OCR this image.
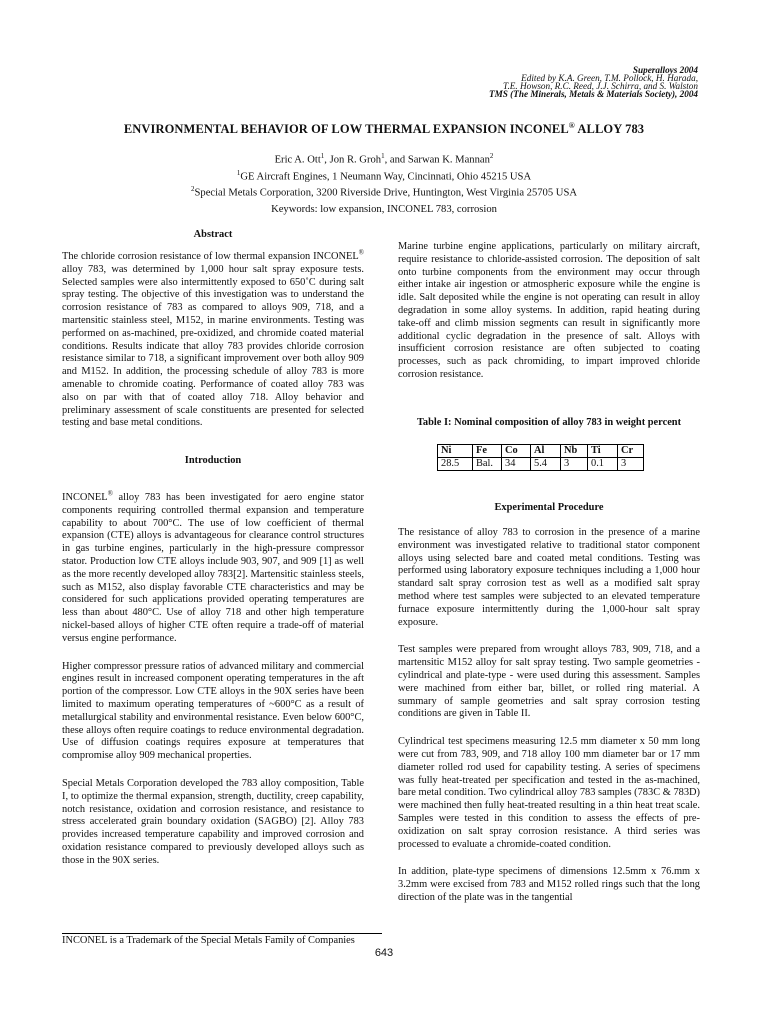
Superalloys 2004
Edited by K.A. Green, T.M. Pollock, H. Harada,
T.E. Howson, R.C. Reed, J.J. Schirra, and S. Walston
TMS (The Minerals, Metals & Materials Society), 2004
ENVIRONMENTAL BEHAVIOR OF LOW THERMAL EXPANSION INCONEL® ALLOY 783
Eric A. Ott$^1$, Jon R. Groh$^1$, and Sarwan K. Mannan$^2$
$^1$GE Aircraft Engines, 1 Neumann Way, Cincinnati, Ohio 45215 USA
$^2$Special Metals Corporation, 3200 Riverside Drive, Huntington, West Virginia 25705 USA
Keywords: low expansion, INCONEL 783, corrosion
Abstract

The chloride corrosion resistance of low thermal expansion INCONEL® alloy 783, was determined by 1,000 hour salt spray exposure tests. Selected samples were also intermittently exposed to 650˚C during salt spray testing. The objective of this investigation was to understand the corrosion resistance of 783 as compared to alloys 909, 718, and a martensitic stainless steel, M152, in marine environments. Testing was performed on as-machined, pre-oxidized, and chromide coated material conditions. Results indicate that alloy 783 provides chloride corrosion resistance similar to 718, a significant improvement over both alloy 909 and M152. In addition, the processing schedule of alloy 783 is more amenable to chromide coating. Performance of coated alloy 783 was also on par with that of coated alloy 718. Alloy behavior and preliminary assessment of scale constituents are presented for selected testing and base metal conditions.

Introduction

INCONEL® alloy 783 has been investigated for aero engine stator components requiring controlled thermal expansion and temperature capability to about 700°C. The use of low coefficient of thermal expansion (CTE) alloys is advantageous for clearance control structures in gas turbine engines, particularly in the high-pressure compressor stator. Production low CTE alloys include 903, 907, and 909 [1] as well as the more recently developed alloy 783[2]. Martensitic stainless steels, such as M152, also display favorable CTE characteristics and may be considered for such applications provided operating temperatures are less than about 480°C. Use of alloy 718 and other high temperature nickel-based alloys of higher CTE often require a trade-off of material versus engine performance.

Higher compressor pressure ratios of advanced military and commercial engines result in increased component operating temperatures in the aft portion of the compressor. Low CTE alloys in the 90X series have been limited to maximum operating temperatures of ~600°C as a result of metallurgical stability and environmental resistance. Even below 600°C, these alloys often require coatings to reduce environmental degradation. Use of diffusion coatings requires exposure at temperatures that compromise alloy 909 mechanical properties.

Special Metals Corporation developed the 783 alloy composition, Table I, to optimize the thermal expansion, strength, ductility, creep capability, notch resistance, oxidation and corrosion resistance, and resistance to stress accelerated grain boundary oxidation (SAGBO) [2]. Alloy 783 provides increased temperature capability and improved corrosion and oxidation resistance compared to previously developed alloys such as those in the 90X series.

Marine turbine engine applications, particularly on military aircraft, require resistance to chloride-assisted corrosion. The deposition of salt onto turbine components from the environment may occur through either intake air ingestion or atmospheric exposure while the engine is idle. Salt deposited while the engine is not operating can result in alloy degradation in some alloy systems. In addition, rapid heating during take-off and climb mission segments can result in significantly more additional cyclic degradation in the presence of salt. Alloys with insufficient corrosion resistance are often subjected to coating processes, such as pack chromiding, to impart improved chloride corrosion resistance.

Table I: Nominal composition of alloy 783 in weight percent
Ni	Fe	Co	Al	Nb	Ti	Cr
28.5	Bal.	34	5.4	3	0.1	3
Experimental Procedure

The resistance of alloy 783 to corrosion in the presence of a marine environment was investigated relative to traditional stator component alloys using selected bare and coated metal conditions. Testing was performed using laboratory exposure techniques including a 1,000 hour standard salt spray corrosion test as well as a modified salt spray method where test samples were subjected to an elevated temperature furnace exposure intermittently during the 1,000-hour salt spray exposure.

Test samples were prepared from wrought alloys 783, 909, 718, and a martensitic M152 alloy for salt spray testing. Two sample geometries - cylindrical and plate-type - were used during this assessment. Samples were machined from either bar, billet, or rolled ring material. A summary of sample geometries and salt spray corrosion testing conditions are given in Table II.

Cylindrical test specimens measuring 12.5 mm diameter x 50 mm long were cut from 783, 909, and 718 alloy 100 mm diameter bar or 17 mm diameter rolled rod used for capability testing. A series of specimens was fully heat-treated per specification and tested in the as-machined, bare metal condition. Two cylindrical alloy 783 samples (783C & 783D) were machined then fully heat-treated resulting in a thin heat treat scale. Samples were tested in this condition to assess the effects of pre-oxidization on salt spray corrosion resistance. A third series was processed to evaluate a chromide-coated condition.

In addition, plate-type specimens of dimensions 12.5mm x 76.mm x 3.2mm were excised from 783 and M152 rolled rings such that the long direction of the plate was in the tangential

INCONEL is a Trademark of the Special Metals Family of Companies
643
